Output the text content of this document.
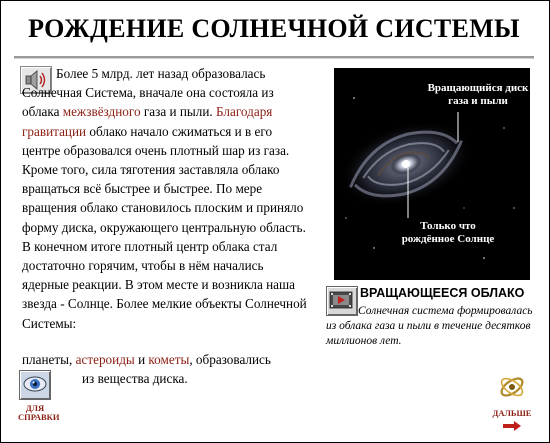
РОЖДЕНИЕ СОЛНЕЧНОЙ СИСТЕМЫ
Более 5 млрд. лет назад образовалась Солнечная Система, вначале она состояла из облака межзвёздного газа и пыли. Благодаря гравитации облако начало сжиматься и в его центре образовался очень плотный шар из газа. Кроме того, сила тяготения заставляла облако вращаться всё быстрее и быстрее. По мере вращения облако становилось плоским и приняло форму диска, окружающего центральную область. В конечном итоге плотный центр облака стал достаточно горячим, чтобы в нём начались ядерные реакции. В этом месте и возникла наша звезда - Солнце. Более мелкие объекты Солнечной Системы:
планеты, астероиды и кометы, образовались
из вещества диска.
Вращающийся диск газа и пыли
Только что рождённое Солнце
ВРАЩАЮЩЕЕСЯ ОБЛАКО
Солнечная система формировалась из облака газа и пыли в течение десятков миллионов лет.
ДЛЯ
СПРАВКИ	ДАЛЬШЕ
